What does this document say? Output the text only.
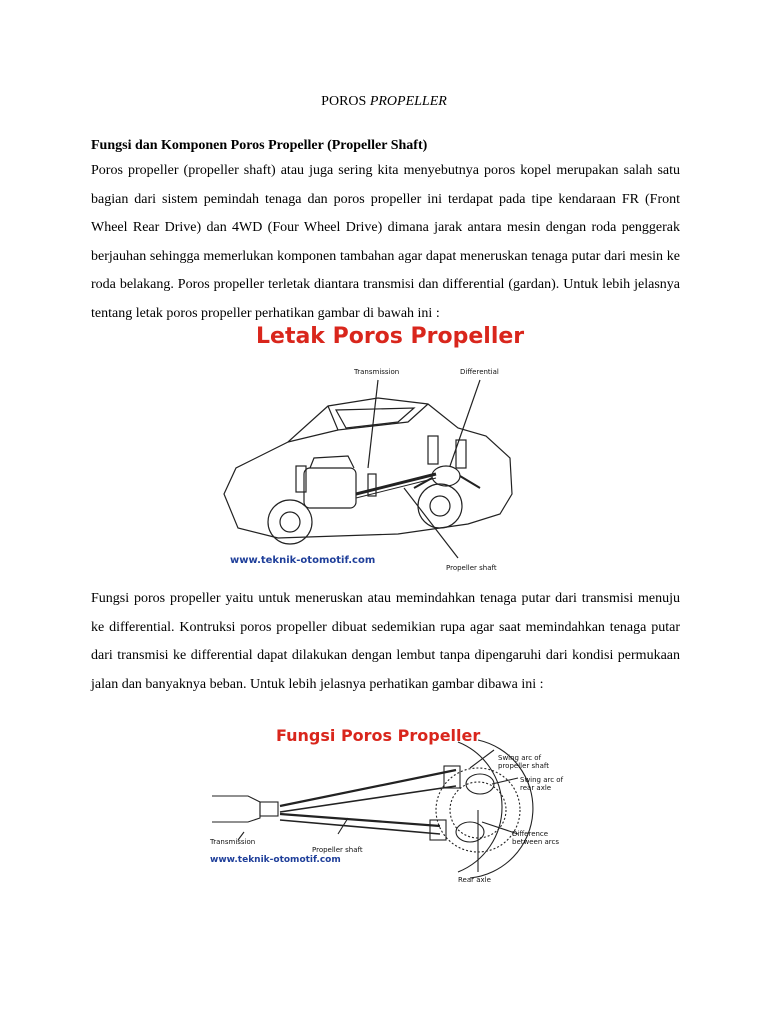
POROS PROPELLER
Fungsi dan Komponen Poros Propeller (Propeller Shaft)

Poros propeller (propeller shaft) atau juga sering kita menyebutnya poros kopel merupakan salah satu bagian dari sistem pemindah tenaga dan poros propeller ini terdapat pada tipe kendaraan FR (Front Wheel Rear Drive) dan 4WD (Four Wheel Drive) dimana jarak antara mesin dengan roda penggerak berjauhan sehingga memerlukan komponen tambahan agar dapat meneruskan tenaga putar dari mesin ke roda belakang. Poros propeller terletak diantara transmisi dan differential (gardan). Untuk lebih jelasnya tentang letak poros propeller perhatikan gambar di bawah ini :

Letak Poros Propeller
Transmission	Differential
Propeller shaft
www.teknik-otomotif.com

Fungsi poros propeller yaitu untuk meneruskan atau memindahkan tenaga putar dari transmisi menuju ke differential. Kontruksi poros propeller dibuat sedemikian rupa agar saat memindahkan tenaga putar dari transmisi ke differential dapat dilakukan dengan lembut tanpa dipengaruhi dari kondisi permukaan jalan dan banyaknya beban. Untuk lebih jelasnya perhatikan gambar dibawa ini :

Fungsi Poros Propeller
Swing arc of propeller shaft
Swing arc of rear axle
Difference between arcs
Transmission
Propeller shaft
Rear axle
www.teknik-otomotif.com
